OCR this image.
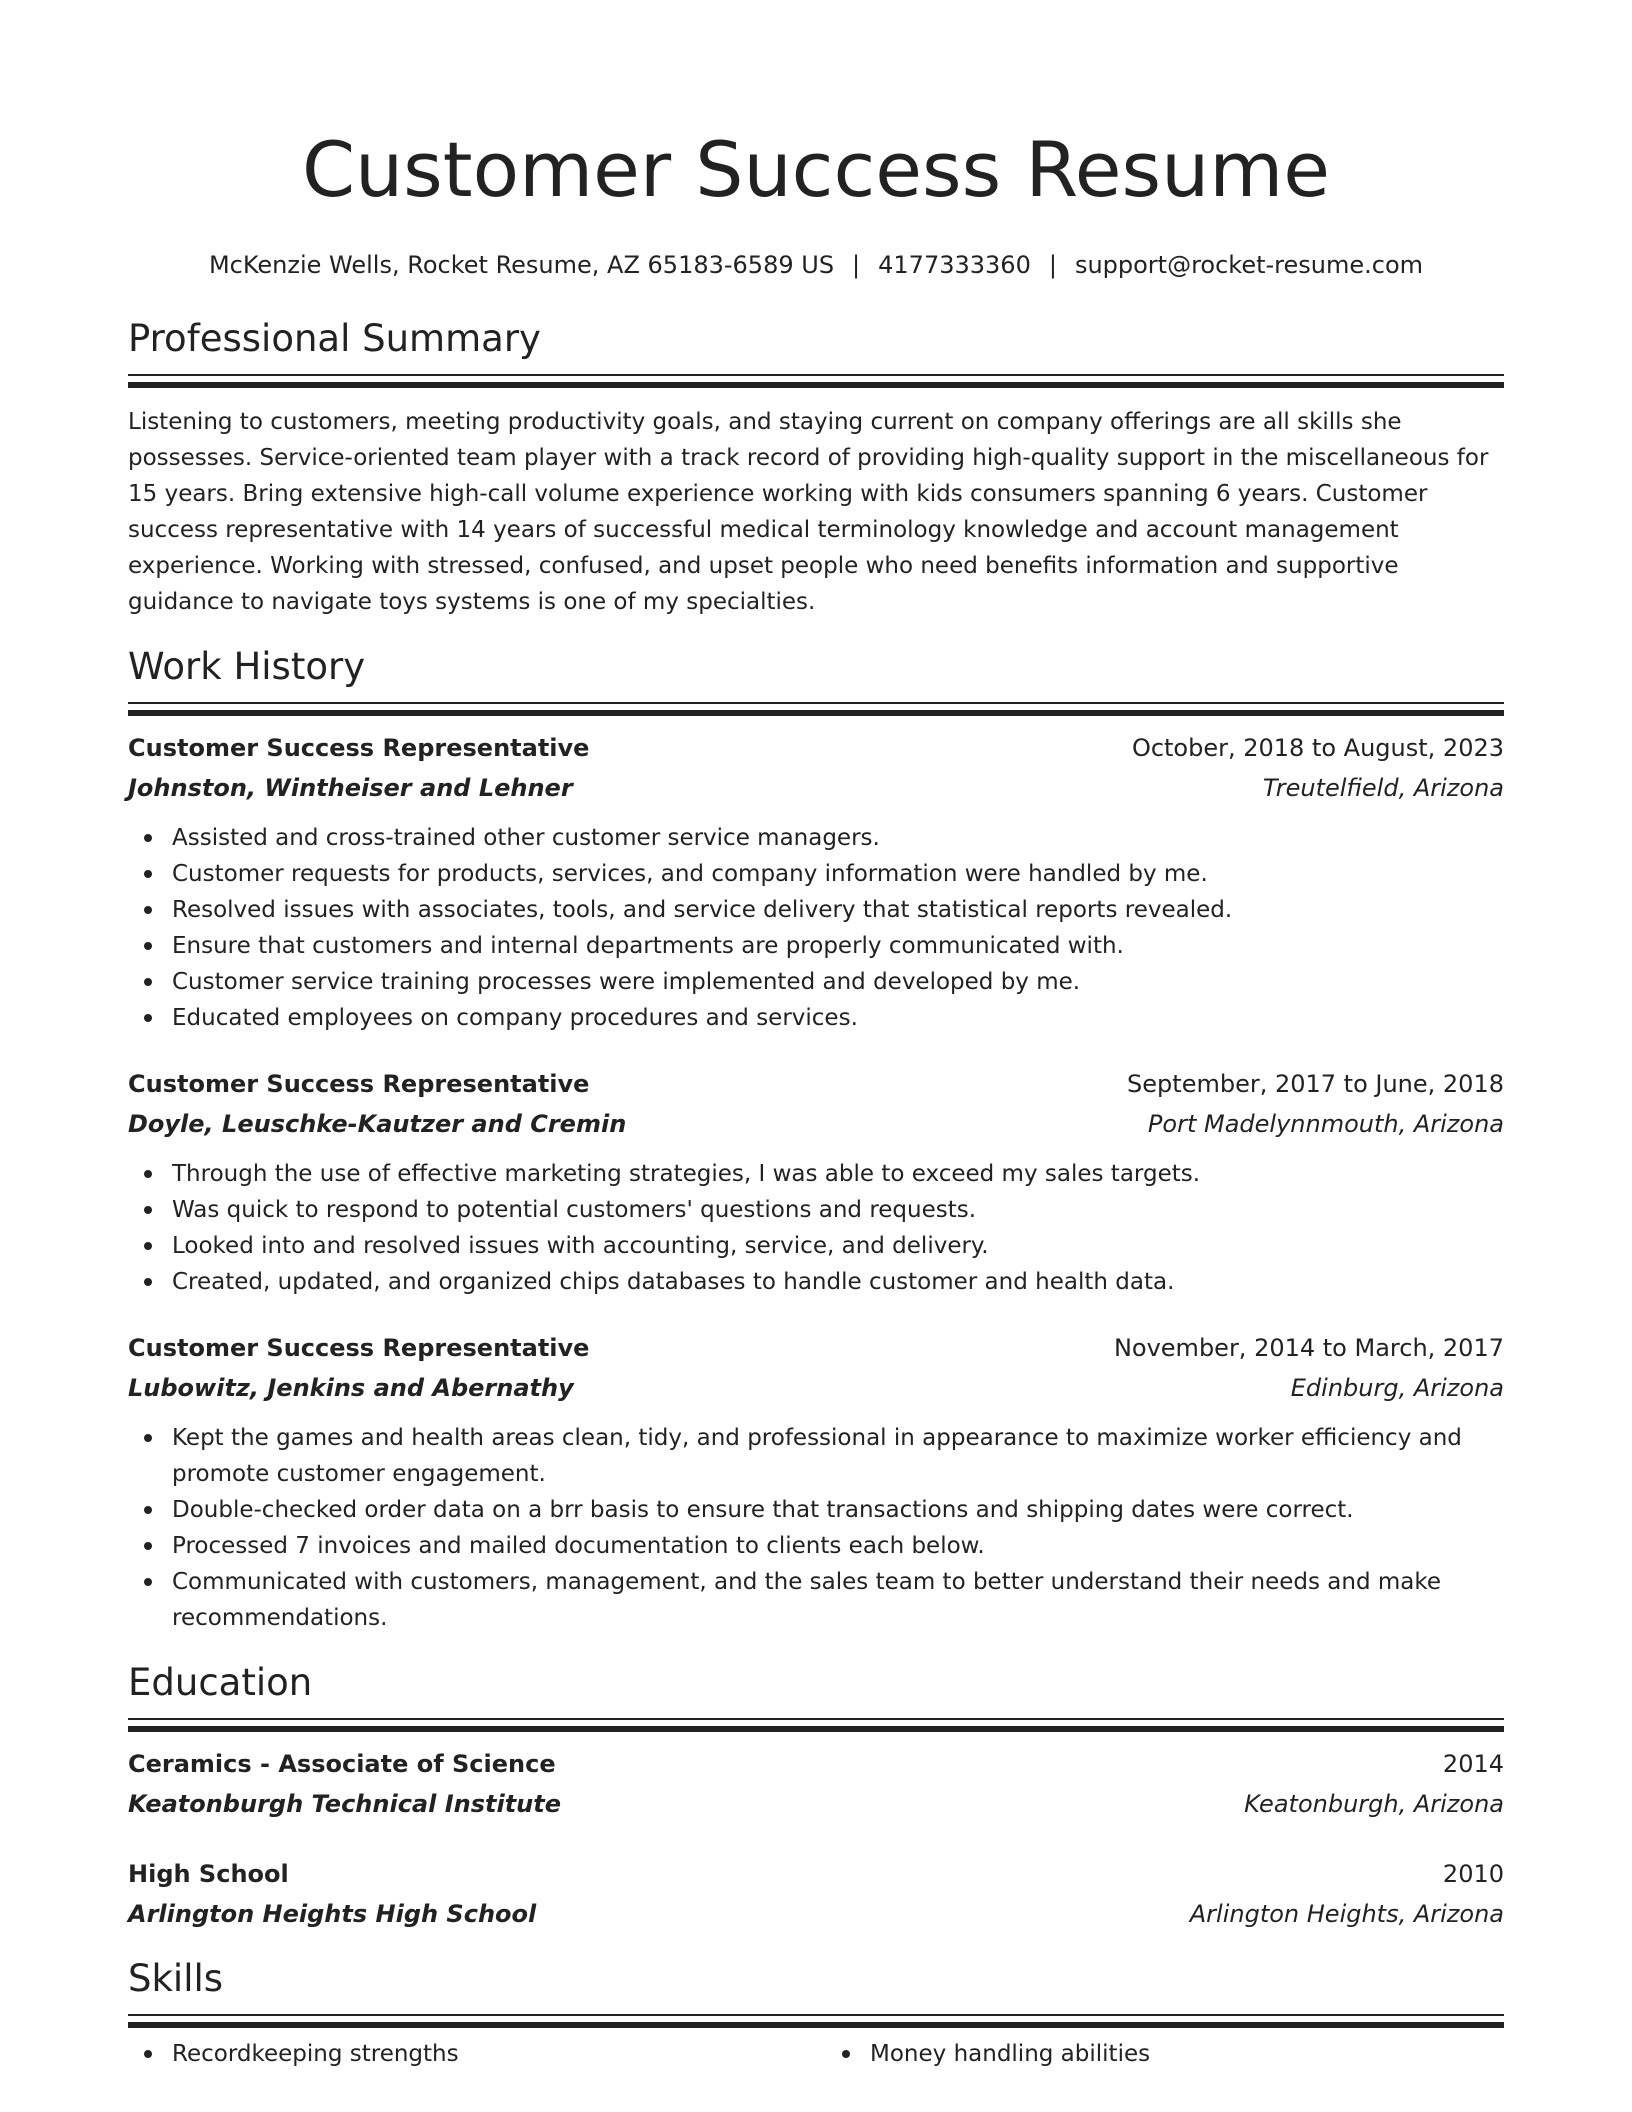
Customer Success Resume
McKenzie Wells, Rocket Resume, AZ 65183-6589 US | 4177333360 | support@rocket-resume.com
Professional Summary

Listening to customers, meeting productivity goals, and staying current on company offerings are all skills she possesses. Service-oriented team player with a track record of providing high-quality support in the miscellaneous for 15 years. Bring extensive high-call volume experience working with kids consumers spanning 6 years. Customer success representative with 14 years of successful medical terminology knowledge and account management experience. Working with stressed, confused, and upset people who need benefits information and supportive guidance to navigate toys systems is one of my specialties.

Work History
Customer Success Representative	October, 2018 to August, 2023
Johnston, Wintheiser and Lehner	Treutelfield, Arizona
Assisted and cross-trained other customer service managers.
Customer requests for products, services, and company information were handled by me.
Resolved issues with associates, tools, and service delivery that statistical reports revealed.
Ensure that customers and internal departments are properly communicated with.
Customer service training processes were implemented and developed by me.
Educated employees on company procedures and services.
Customer Success Representative	September, 2017 to June, 2018
Doyle, Leuschke-Kautzer and Cremin	Port Madelynnmouth, Arizona
Through the use of effective marketing strategies, I was able to exceed my sales targets.
Was quick to respond to potential customers' questions and requests.
Looked into and resolved issues with accounting, service, and delivery.
Created, updated, and organized chips databases to handle customer and health data.
Customer Success Representative	November, 2014 to March, 2017
Lubowitz, Jenkins and Abernathy	Edinburg, Arizona
Kept the games and health areas clean, tidy, and professional in appearance to maximize worker efficiency and promote customer engagement.
Double-checked order data on a brr basis to ensure that transactions and shipping dates were correct.
Processed 7 invoices and mailed documentation to clients each below.
Communicated with customers, management, and the sales team to better understand their needs and make recommendations.
Education
Ceramics - Associate of Science	2014
Keatonburgh Technical Institute	Keatonburgh, Arizona
High School	2010
Arlington Heights High School	Arlington Heights, Arizona
Skills
Recordkeeping strengths	Money handling abilities
